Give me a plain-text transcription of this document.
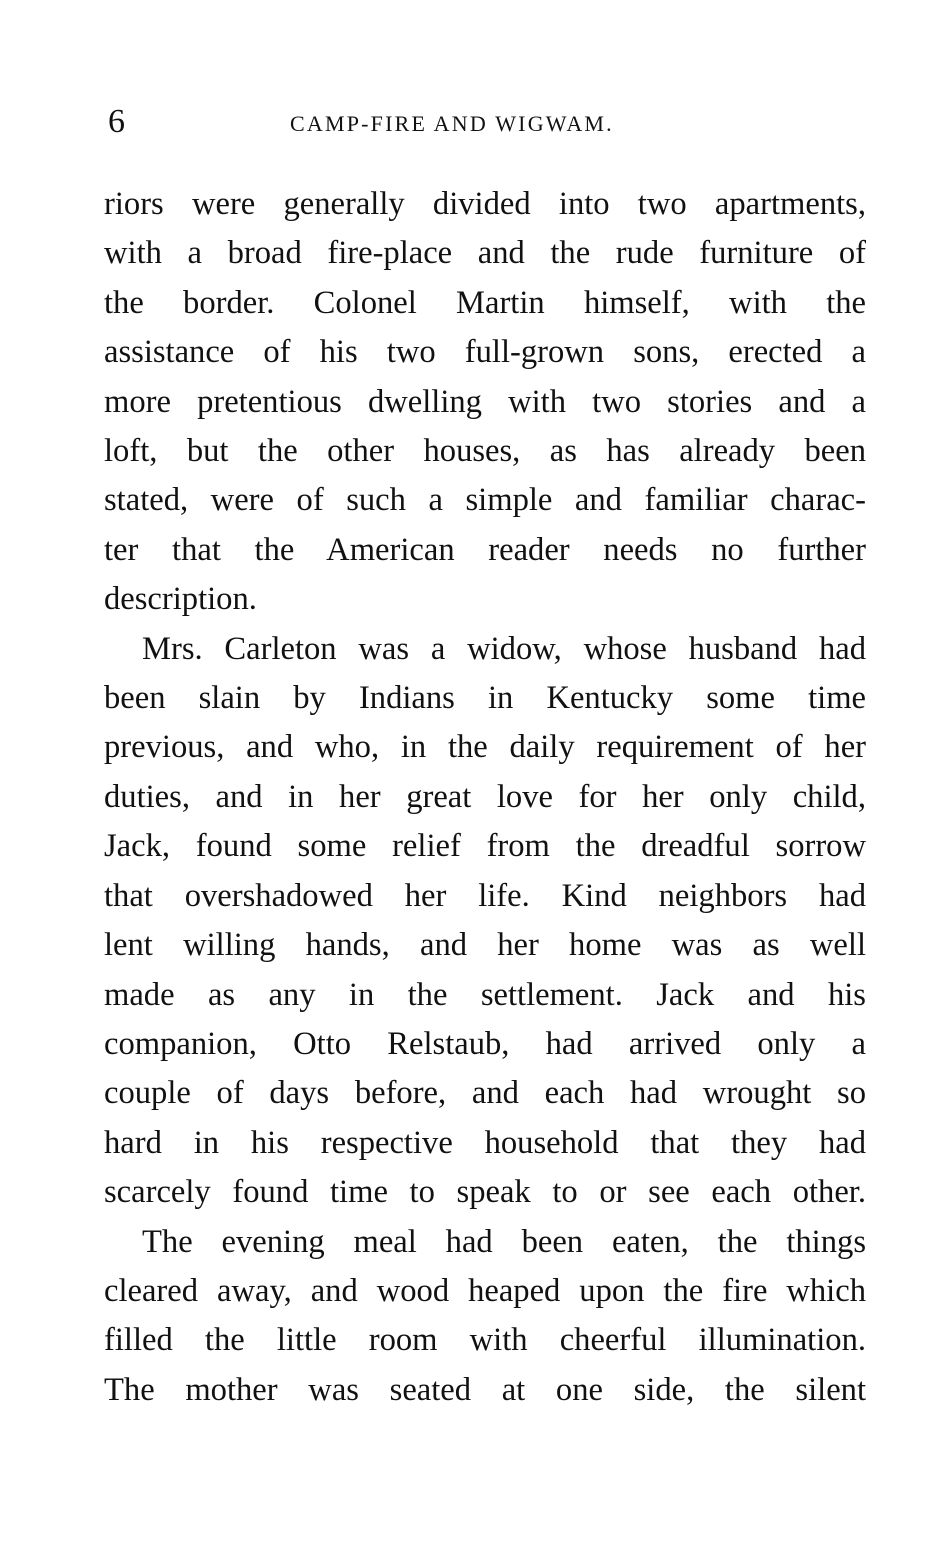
6	CAMP-FIRE AND WIGWAM.

riors were generally divided into two apartments,
with a broad fire-place and the rude furniture of
the border. Colonel Martin himself, with the
assistance of his two full-grown sons, erected a
more pretentious dwelling with two stories and a
loft, but the other houses, as has already been
stated, were of such a simple and familiar charac-
ter that the American reader needs no further
description.

Mrs. Carleton was a widow, whose husband had
been slain by Indians in Kentucky some time
previous, and who, in the daily requirement of her
duties, and in her great love for her only child,
Jack, found some relief from the dreadful sorrow
that overshadowed her life. Kind neighbors had
lent willing hands, and her home was as well
made as any in the settlement. Jack and his
companion, Otto Relstaub, had arrived only a
couple of days before, and each had wrought so
hard in his respective household that they had
scarcely found time to speak to or see each other.

The evening meal had been eaten, the things
cleared away, and wood heaped upon the fire which
filled the little room with cheerful illumination.
The mother was seated at one side, the silent
